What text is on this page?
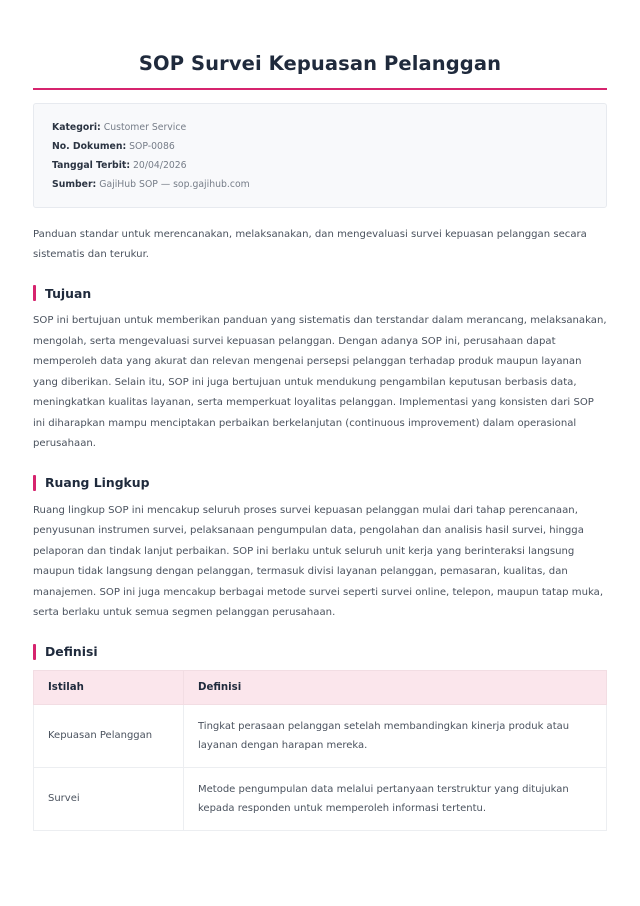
SOP Survei Kepuasan Pelanggan
Kategori: Customer Service
No. Dokumen: SOP-0086
Tanggal Terbit: 20/04/2026
Sumber: GajiHub SOP — sop.gajihub.com

Panduan standar untuk merencanakan, melaksanakan, dan mengevaluasi survei kepuasan pelanggan secara sistematis dan terukur.

Tujuan

SOP ini bertujuan untuk memberikan panduan yang sistematis dan terstandar dalam merancang, melaksanakan, mengolah, serta mengevaluasi survei kepuasan pelanggan. Dengan adanya SOP ini, perusahaan dapat memperoleh data yang akurat dan relevan mengenai persepsi pelanggan terhadap produk maupun layanan yang diberikan. Selain itu, SOP ini juga bertujuan untuk mendukung pengambilan keputusan berbasis data, meningkatkan kualitas layanan, serta memperkuat loyalitas pelanggan. Implementasi yang konsisten dari SOP ini diharapkan mampu menciptakan perbaikan berkelanjutan (continuous improvement) dalam operasional perusahaan.

Ruang Lingkup

Ruang lingkup SOP ini mencakup seluruh proses survei kepuasan pelanggan mulai dari tahap perencanaan, penyusunan instrumen survei, pelaksanaan pengumpulan data, pengolahan dan analisis hasil survei, hingga pelaporan dan tindak lanjut perbaikan. SOP ini berlaku untuk seluruh unit kerja yang berinteraksi langsung maupun tidak langsung dengan pelanggan, termasuk divisi layanan pelanggan, pemasaran, kualitas, dan manajemen. SOP ini juga mencakup berbagai metode survei seperti survei online, telepon, maupun tatap muka, serta berlaku untuk semua segmen pelanggan perusahaan.

Definisi
Istilah	Definisi
Kepuasan Pelanggan	Tingkat perasaan pelanggan setelah membandingkan kinerja produk atau layanan dengan harapan mereka.
Survei	Metode pengumpulan data melalui pertanyaan terstruktur yang ditujukan kepada responden untuk memperoleh informasi tertentu.
